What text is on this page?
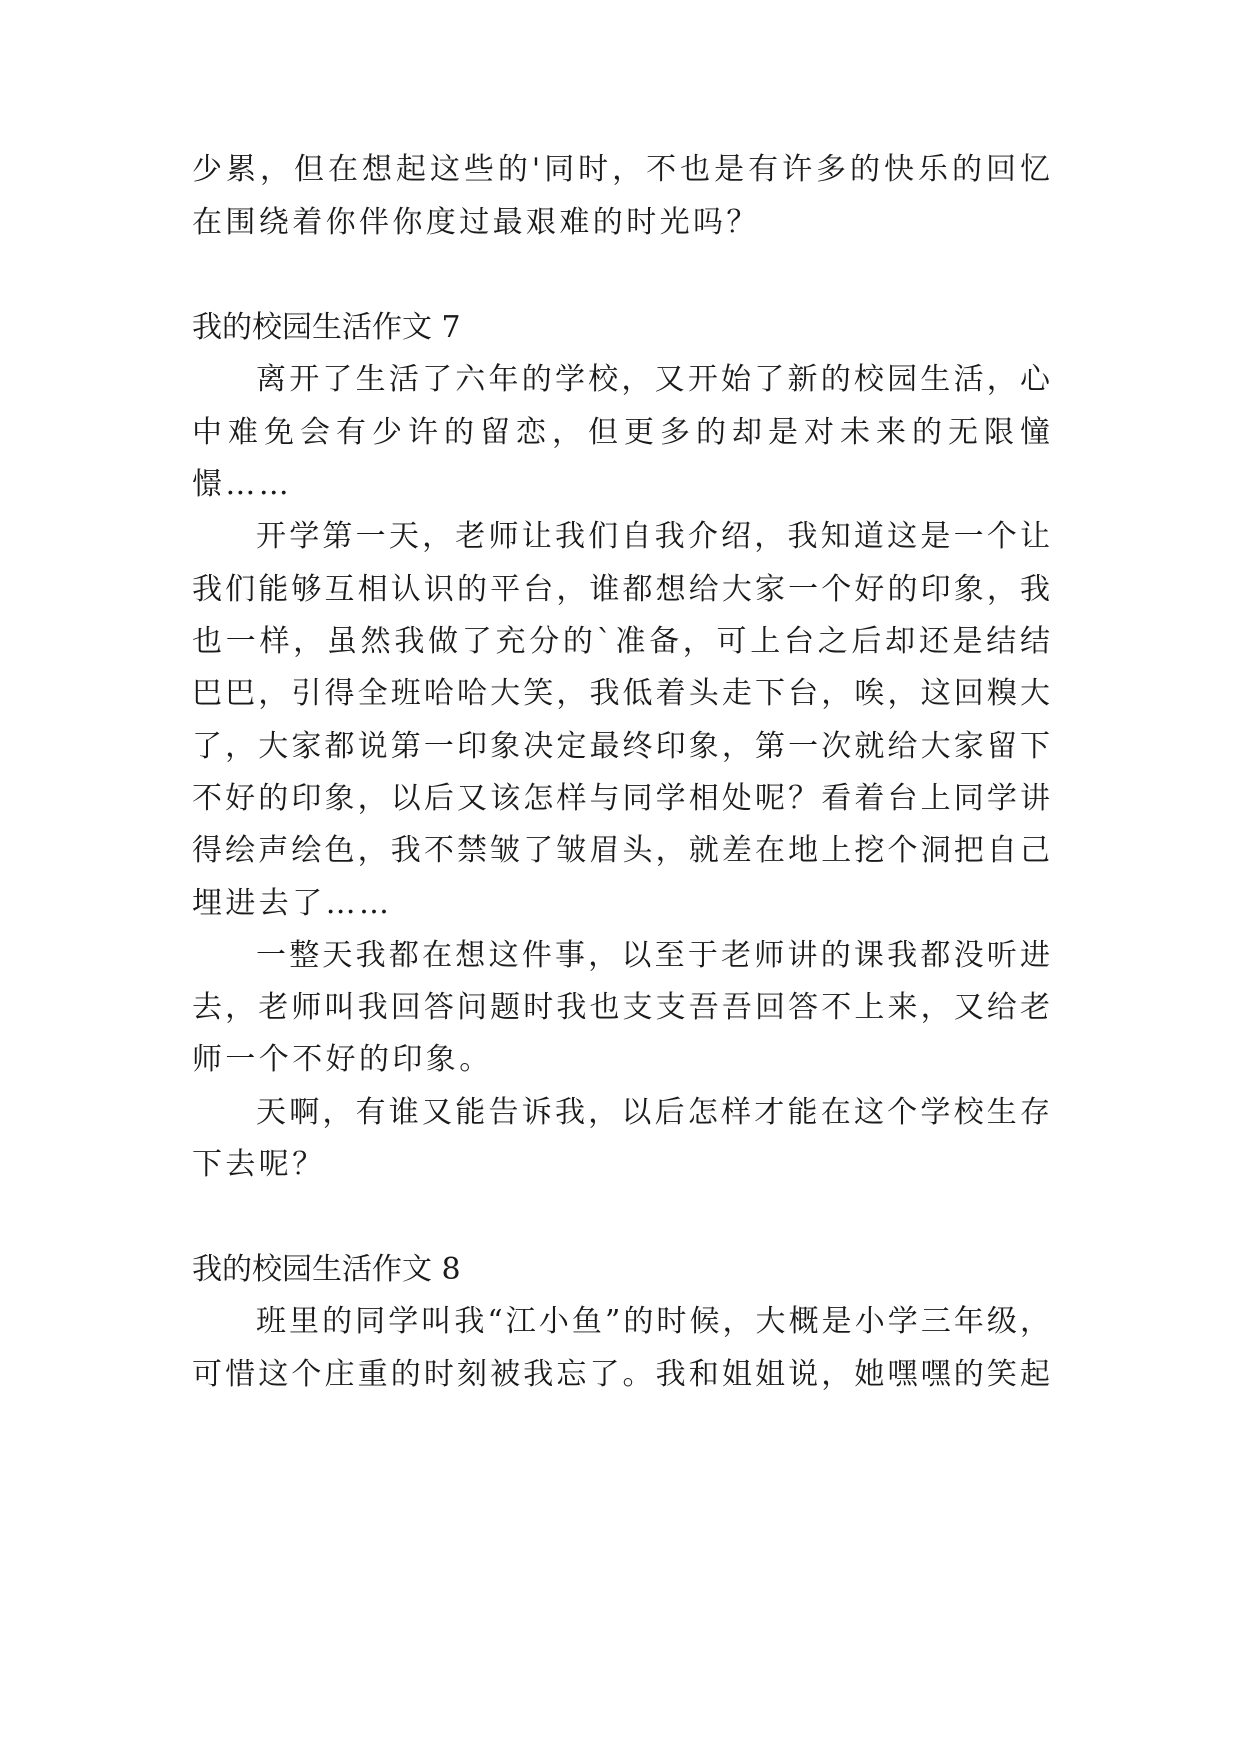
少累，但在想起这些的'同时，不也是有许多的快乐的回忆
在围绕着你伴你度过最艰难的时光吗？
我的校园生活作文 7
离开了生活了六年的学校，又开始了新的校园生活，心
中难免会有少许的留恋，但更多的却是对未来的无限憧
憬……
开学第一天，老师让我们自我介绍，我知道这是一个让
我们能够互相认识的平台，谁都想给大家一个好的印象，我
也一样，虽然我做了充分的`准备，可上台之后却还是结结
巴巴，引得全班哈哈大笑，我低着头走下台，唉，这回糗大
了，大家都说第一印象决定最终印象，第一次就给大家留下
不好的印象，以后又该怎样与同学相处呢？看着台上同学讲
得绘声绘色，我不禁皱了皱眉头，就差在地上挖个洞把自己
埋进去了……
一整天我都在想这件事，以至于老师讲的课我都没听进
去，老师叫我回答问题时我也支支吾吾回答不上来，又给老
师一个不好的印象。
天啊，有谁又能告诉我，以后怎样才能在这个学校生存
下去呢？
我的校园生活作文 8
班里的同学叫我“江小鱼”的时候，大概是小学三年级，
可惜这个庄重的时刻被我忘了。我和姐姐说，她嘿嘿的笑起
